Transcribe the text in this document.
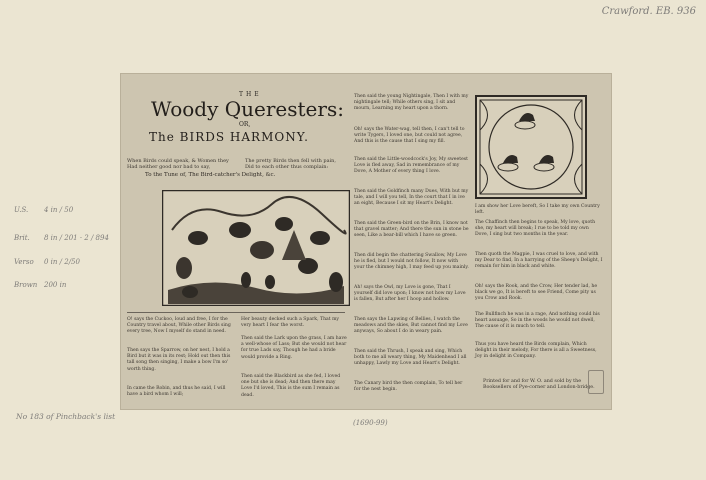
Crawford. EB. 936
U.S. 4 in / 50
Brit. 8 in / 201 · 2 / 894
Verso 0 in / 2/50
Brown 200 in
No 183 of Pinchback's list
(1690-99)
THE
Woody Queresters:
OR,
The BIRDS HARMONY.
When Birds could speak, & Women they Had neither good nor bad to say,
The pretty Birds then fell with pain, Did to each other thus complain:
To the Tune of, The Bird-catcher's Delight, &c.
O! says the Cuckoo, loud and free, I for the Country travel about, While other Birds sing every tree, Now I myself do stand in need.
Then says the Sparrow, on her nest, I hold a Bird but it was in its rest; Hold out then this tall song then singing, I make a bow I'm so' worth thing.
In came the Robin, and thus he said, I will have a bird whom I will;
Her beauty decked such a Spark, That my very heart I fear the worst.
Then said the Lark upon the grass, I am have a well-whose of Lass; But she would not hear for true Lads say, Though he had a bride would provide a Ring.
Then said the Blackbird as she fed, I loved one but she is dead; And then there may Love I'd loved, This is the sum I remain as dead.
Then said the young Nightingale, Then I with my nightingale tell; While others sing, I sit and mourn, Learning my heart upon a thorn.
Oh! says the Water-wag, tell then, I can't tell to write Tygers, I loved one, but could not agree, And this is the cause that I sing my fill.
Then said the Little-woodcock's Joy, My sweetest Love is fled away, Sad in remembrance of my Dove, A Mother of every thing I love.
Then said the Goldfinch many Dues, With but my tale, and I will you tell, In the court that I in ive an eight, Because I sit my Heart's Delight.
Then said the Green-bird on the Brin, I know not that gravel matter; And there the sun in stone be seen, Like a bear-bill which I have so green.
Then did begin the chattering Swallow, My Love he is fled, but I would not follow, It now with your the chimney high, I may feed up you mainly.
Ah! says the Owl, my Love is gone, That I yourself did love upon; I know not how my Love is fallen, But after her I hoop and hollow.
Then says the Lapwing of Bellies, I watch the meadows and the skies, But cannot find my Love anyways, So about I do in weary pain.
Then said the Thrush, I speak and sing, Which both to me all weary thing, My Maidenhead I all unhappy, Lawly my Love and Heart's Delight.
The Canary bird the then complain, To tell her for the nest begin.
I am show her Love bereft, So I take my own Country left.
The Chaffinch then begins to speak, My love, quoth she, my heart will break; I rue to be told my own Dove, I sing but two months in the year.
Then quoth the Magpie, I was cruel to love, and with my Dear to find, In a harrying of the Sheep's Delight, I remain for him in black and white.
Oh! says the Rook, and the Crow, Her tender lad, he black we go, It is bereft to see Friend, Come pity us you Crow and Rook.
The Bullfinch he was in a rage, And nothing could his heart assuage, So in the woods he would not dwell, The cause of it is much to tell.
Thus you have heard the Birds complain, Which delight in their melody, For there is all a Sweetness, Joy in delight in Company.
Printed for and for W. O. and sold by the Booksellers of Pye-corner and London-bridge.
